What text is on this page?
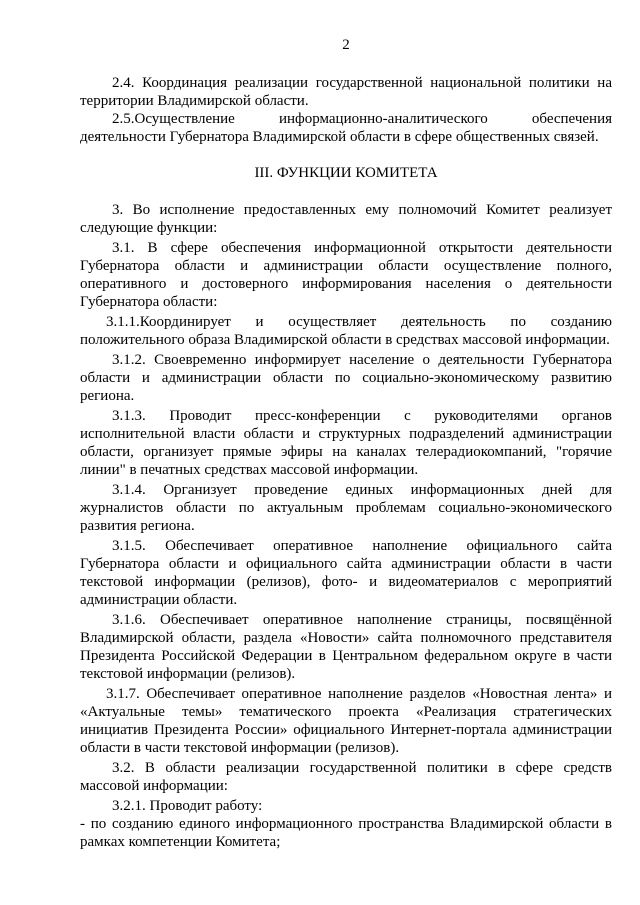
2

2.4. Координация реализации государственной национальной политики на территории Владимирской области.

2.5.Осуществление информационно-аналитического обеспечения деятельности Губернатора Владимирской области в сфере общественных связей.

III. ФУНКЦИИ КОМИТЕТА

3. Во исполнение предоставленных ему полномочий Комитет реализует следующие функции:

3.1. В сфере обеспечения информационной открытости деятельности Губернатора области и администрации области осуществление полного, оперативного и достоверного информирования населения о деятельности Губернатора области:

3.1.1.Координирует и осуществляет деятельность по созданию положительного образа Владимирской области в средствах массовой информации.

3.1.2. Своевременно информирует население о деятельности Губернатора области и администрации области по социально-экономическому развитию региона.

3.1.3. Проводит пресс-конференции с руководителями органов исполнительной власти области и структурных подразделений администрации области, организует прямые эфиры на каналах телерадиокомпаний, "горячие линии" в печатных средствах массовой информации.

3.1.4. Организует проведение единых информационных дней для журналистов области по актуальным проблемам социально-экономического развития региона.

3.1.5. Обеспечивает оперативное наполнение официального сайта Губернатора области и официального сайта администрации области в части текстовой информации (релизов), фото- и видеоматериалов с мероприятий администрации области.

3.1.6. Обеспечивает оперативное наполнение страницы, посвящённой Владимирской области, раздела «Новости» сайта полномочного представителя Президента Российской Федерации в Центральном федеральном округе в части текстовой информации (релизов).

3.1.7. Обеспечивает оперативное наполнение разделов «Новостная лента» и «Актуальные темы» тематического проекта «Реализация стратегических инициатив Президента России» официального Интернет-портала администрации области в части текстовой информации (релизов).

3.2. В области реализации государственной политики в сфере средств массовой информации:

3.2.1. Проводит работу:

- по созданию единого информационного пространства Владимирской области в рамках компетенции Комитета;
